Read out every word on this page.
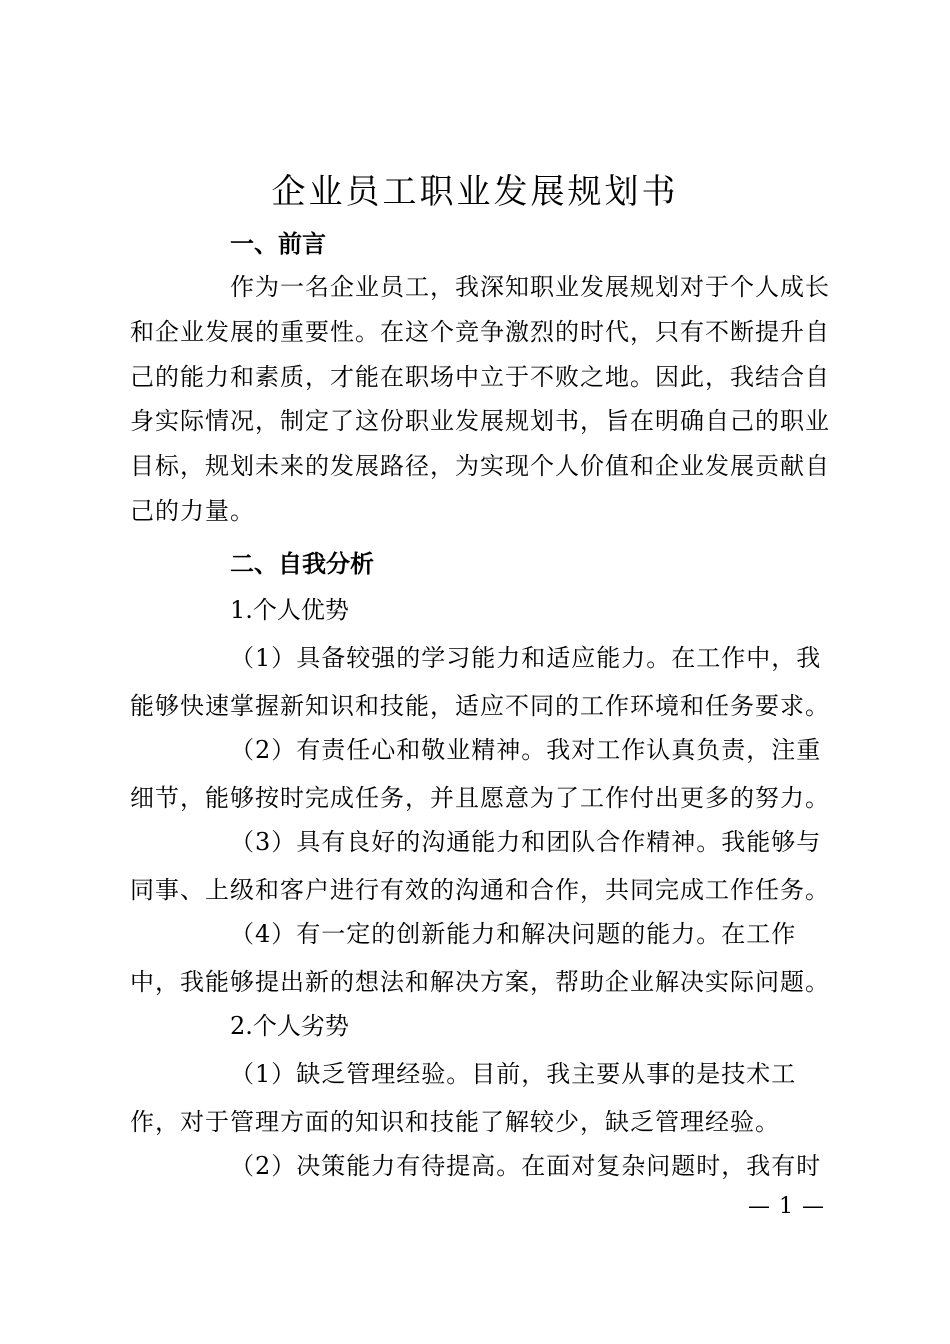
企业员工职业发展规划书
一、前言
作为一名企业员工，我深知职业发展规划对于个人成长和企业发展的重要性。在这个竞争激烈的时代，只有不断提升自己的能力和素质，才能在职场中立于不败之地。因此，我结合自身实际情况，制定了这份职业发展规划书，旨在明确自己的职业目标，规划未来的发展路径，为实现个人价值和企业发展贡献自己的力量。
二、自我分析
1.个人优势
（1）具备较强的学习能力和适应能力。在工作中，我能够快速掌握新知识和技能，适应不同的工作环境和任务要求。
（2）有责任心和敬业精神。我对工作认真负责，注重细节，能够按时完成任务，并且愿意为了工作付出更多的努力。
（3）具有良好的沟通能力和团队合作精神。我能够与同事、上级和客户进行有效的沟通和合作，共同完成工作任务。
（4）有一定的创新能力和解决问题的能力。在工作中，我能够提出新的想法和解决方案，帮助企业解决实际问题。
2.个人劣势
（1）缺乏管理经验。目前，我主要从事的是技术工作，对于管理方面的知识和技能了解较少，缺乏管理经验。
（2）决策能力有待提高。在面对复杂问题时，我有时
— 1 —
